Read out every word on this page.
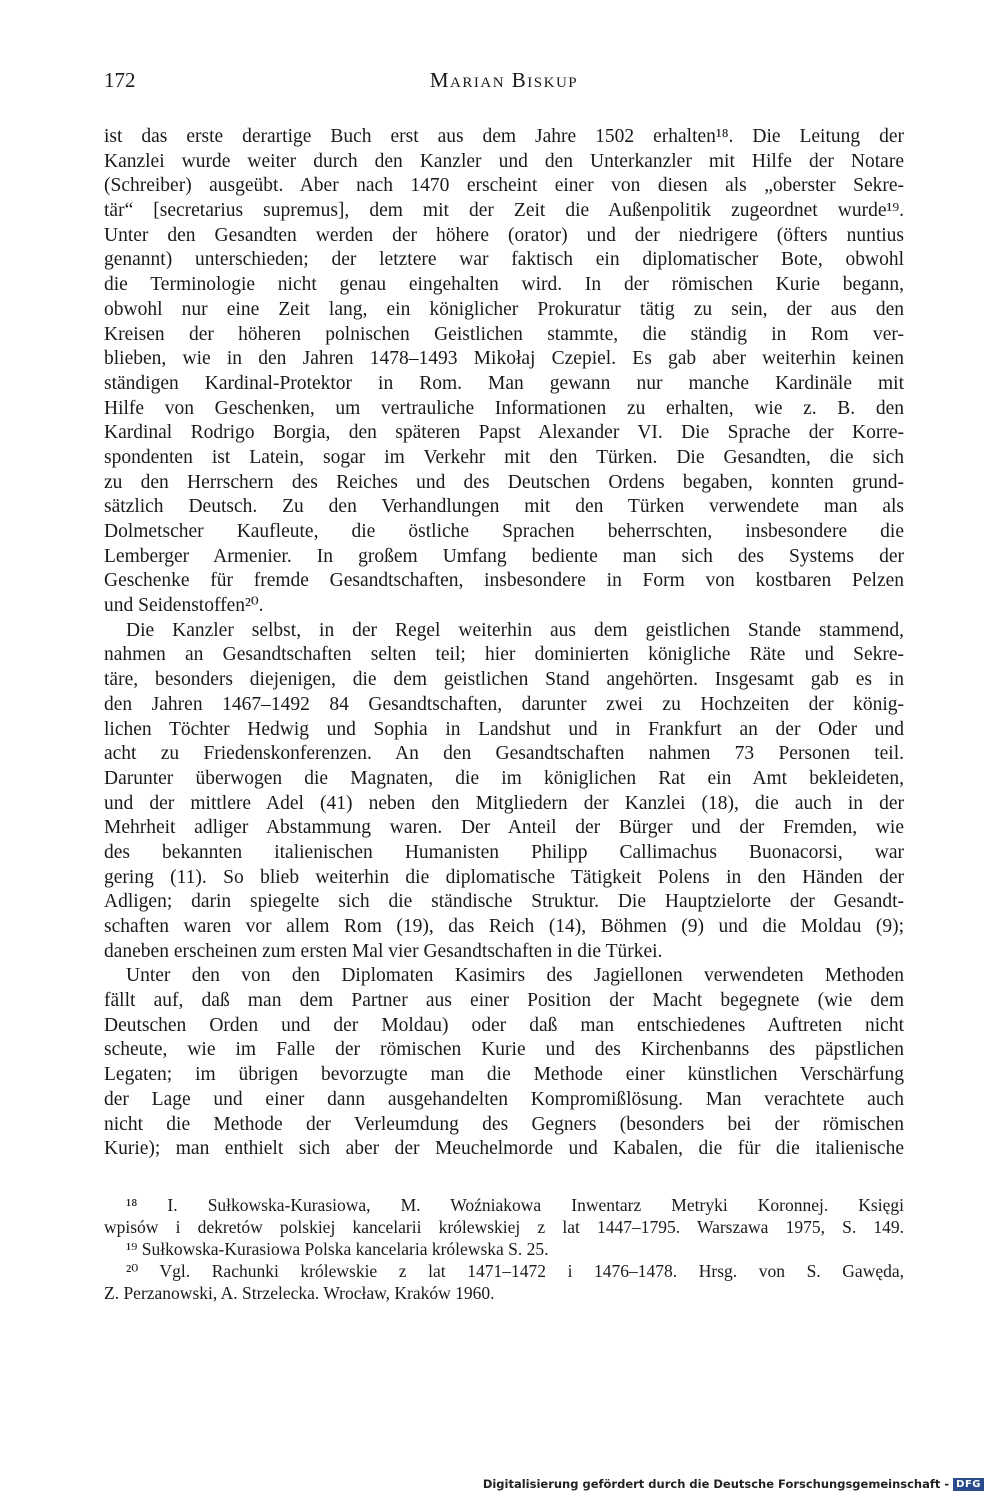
172	Marian Biskup
ist das erste derartige Buch erst aus dem Jahre 1502 erhalten¹⁸. Die Leitung der
Kanzlei wurde weiter durch den Kanzler und den Unterkanzler mit Hilfe der Notare
(Schreiber) ausgeübt. Aber nach 1470 erscheint einer von diesen als „oberster Sekre-
tär“ [secretarius supremus], dem mit der Zeit die Außenpolitik zugeordnet wurde¹⁹.
Unter den Gesandten werden der höhere (orator) und der niedrigere (öfters nuntius
genannt) unterschieden; der letztere war faktisch ein diplomatischer Bote, obwohl
die Terminologie nicht genau eingehalten wird. In der römischen Kurie begann,
obwohl nur eine Zeit lang, ein königlicher Prokuratur tätig zu sein, der aus den
Kreisen der höheren polnischen Geistlichen stammte, die ständig in Rom ver-
blieben, wie in den Jahren 1478–1493 Mikołaj Czepiel. Es gab aber weiterhin keinen
ständigen Kardinal-Protektor in Rom. Man gewann nur manche Kardinäle mit
Hilfe von Geschenken, um vertrauliche Informationen zu erhalten, wie z. B. den
Kardinal Rodrigo Borgia, den späteren Papst Alexander VI. Die Sprache der Korre-
spondenten ist Latein, sogar im Verkehr mit den Türken. Die Gesandten, die sich
zu den Herrschern des Reiches und des Deutschen Ordens begaben, konnten grund-
sätzlich Deutsch. Zu den Verhandlungen mit den Türken verwendete man als
Dolmetscher Kaufleute, die östliche Sprachen beherrschten, insbesondere die
Lemberger Armenier. In großem Umfang bediente man sich des Systems der
Geschenke für fremde Gesandtschaften, insbesondere in Form von kostbaren Pelzen
und Seidenstoffen²⁰.
Die Kanzler selbst, in der Regel weiterhin aus dem geistlichen Stande stammend,
nahmen an Gesandtschaften selten teil; hier dominierten königliche Räte und Sekre-
täre, besonders diejenigen, die dem geistlichen Stand angehörten. Insgesamt gab es in
den Jahren 1467–1492 84 Gesandtschaften, darunter zwei zu Hochzeiten der könig-
lichen Töchter Hedwig und Sophia in Landshut und in Frankfurt an der Oder und
acht zu Friedenskonferenzen. An den Gesandtschaften nahmen 73 Personen teil.
Darunter überwogen die Magnaten, die im königlichen Rat ein Amt bekleideten,
und der mittlere Adel (41) neben den Mitgliedern der Kanzlei (18), die auch in der
Mehrheit adliger Abstammung waren. Der Anteil der Bürger und der Fremden, wie
des bekannten italienischen Humanisten Philipp Callimachus Buonacorsi, war
gering (11). So blieb weiterhin die diplomatische Tätigkeit Polens in den Händen der
Adligen; darin spiegelte sich die ständische Struktur. Die Hauptzielorte der Gesandt-
schaften waren vor allem Rom (19), das Reich (14), Böhmen (9) und die Moldau (9);
daneben erscheinen zum ersten Mal vier Gesandtschaften in die Türkei.
Unter den von den Diplomaten Kasimirs des Jagiellonen verwendeten Methoden
fällt auf, daß man dem Partner aus einer Position der Macht begegnete (wie dem
Deutschen Orden und der Moldau) oder daß man entschiedenes Auftreten nicht
scheute, wie im Falle der römischen Kurie und des Kirchenbanns des päpstlichen
Legaten; im übrigen bevorzugte man die Methode einer künstlichen Verschärfung
der Lage und einer dann ausgehandelten Kompromißlösung. Man verachtete auch
nicht die Methode der Verleumdung des Gegners (besonders bei der römischen
Kurie); man enthielt sich aber der Meuchelmorde und Kabalen, die für die italienische
¹⁸ I. Sułkowska-Kurasiowa, M. Woźniakowa Inwentarz Metryki Koronnej. Księgi
wpisów i dekretów polskiej kancelarii królewskiej z lat 1447–1795. Warszawa 1975, S. 149.
¹⁹ Sułkowska-Kurasiowa Polska kancelaria królewska S. 25.
²⁰ Vgl. Rachunki królewskie z lat 1471–1472 i 1476–1478. Hrsg. von S. Gawęda,
Z. Perzanowski, A. Strzelecka. Wrocław, Kraków 1960.
Digitalisierung gefördert durch die Deutsche Forschungsgemeinschaft - DFG
